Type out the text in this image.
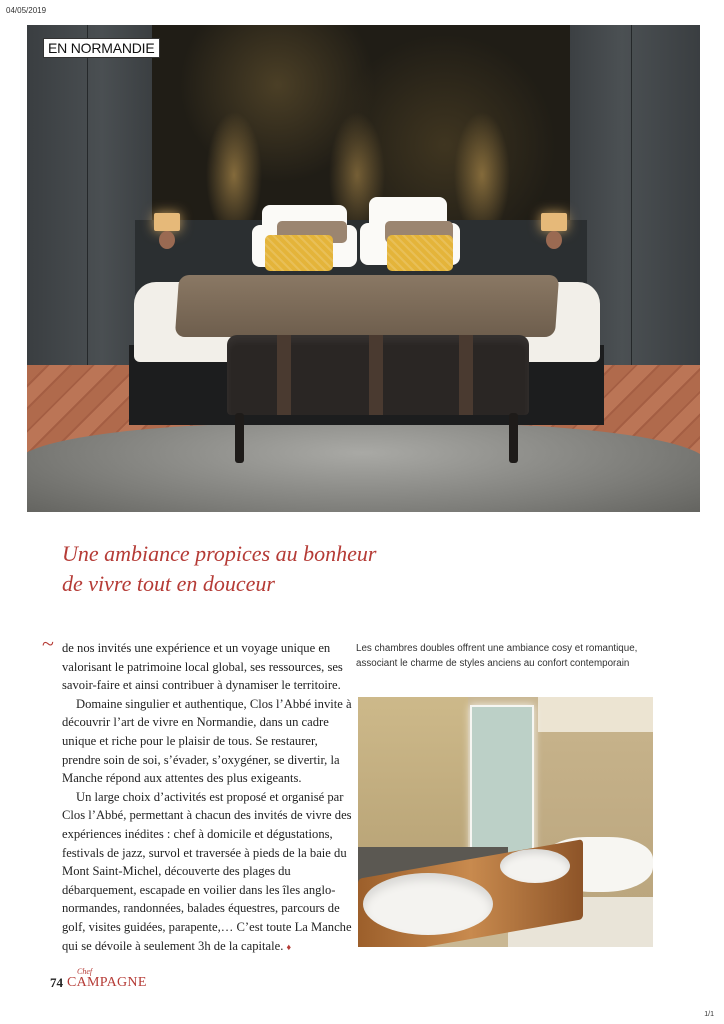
04/05/2019
EN NORMANDIE
Une ambiance propices au bonheur
de vivre tout en douceur
~ de nos invités une expérience et un voyage unique en valorisant le patrimoine local global, ses ressources, ses savoir-faire et ainsi contribuer à dynamiser le territoire.

Domaine singulier et authentique, Clos l’Abbé invite à découvrir l’art de vivre en Normandie, dans un cadre unique et riche pour le plaisir de tous. Se restaurer, prendre soin de soi, s’évader, s’oxygéner, se divertir, la Manche répond aux attentes des plus exigeants.

Un large choix d’activités est proposé et organisé par Clos l’Abbé, permettant à chacun des invités de vivre des expériences inédites : chef à domicile et dégustations, festivals de jazz, survol et traversée à pieds de la baie du Mont Saint-Michel, découverte des plages du débarquement, escapade en voilier dans les îles anglo-normandes, randonnées, balades équestres, parcours de golf, visites guidées, parapente,… C’est toute La Manche qui se dévoile à seulement 3h de la capitale. ♦

Les chambres doubles offrent une ambiance cosy et romantique,
associant le charme de styles anciens au confort contemporain
74
Chef
CAMPAGNE
1/1
